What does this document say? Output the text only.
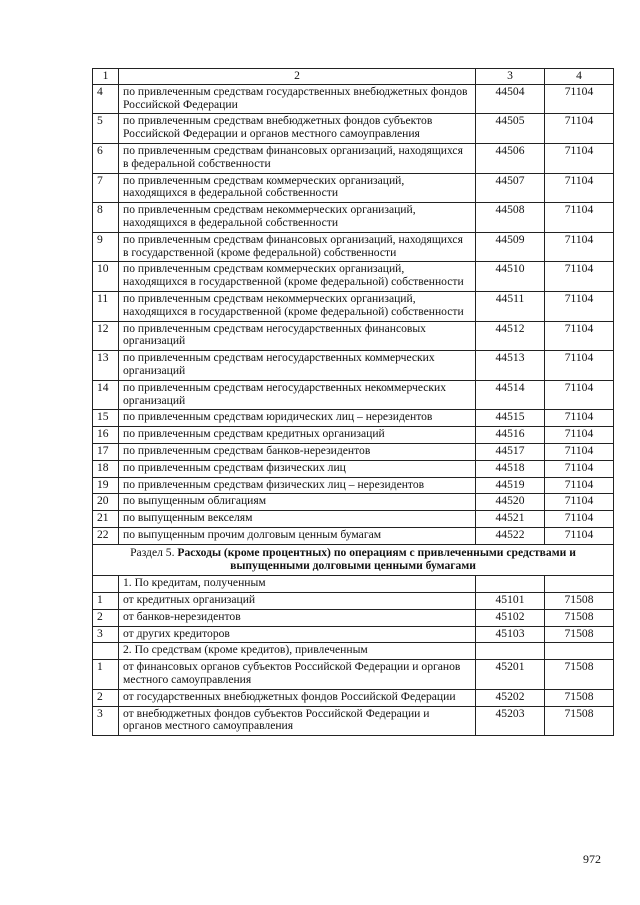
1	2	3	4
4	по привлеченным средствам государственных внебюджетных фондов Российской Федерации	44504	71104
5	по привлеченным средствам внебюджетных фондов субъектов Российской Федерации и органов местного самоуправления	44505	71104
6	по привлеченным средствам финансовых организаций, находящихся в федеральной собственности	44506	71104
7	по привлеченным средствам коммерческих организаций, находящихся в федеральной собственности	44507	71104
8	по привлеченным средствам некоммерческих организаций, находящихся в федеральной собственности	44508	71104
9	по привлеченным средствам финансовых организаций, находящихся в государственной (кроме федеральной) собственности	44509	71104
10	по привлеченным средствам коммерческих организаций, находящихся в государственной (кроме федеральной) собственности	44510	71104
11	по привлеченным средствам некоммерческих организаций, находящихся в государственной (кроме федеральной) собственности	44511	71104
12	по привлеченным средствам негосударственных финансовых организаций	44512	71104
13	по привлеченным средствам негосударственных коммерческих организаций	44513	71104
14	по привлеченным средствам негосударственных некоммерческих организаций	44514	71104
15	по привлеченным средствам юридических лиц – нерезидентов	44515	71104
16	по привлеченным средствам кредитных организаций	44516	71104
17	по привлеченным средствам банков-нерезидентов	44517	71104
18	по привлеченным средствам физических лиц	44518	71104
19	по привлеченным средствам физических лиц – нерезидентов	44519	71104
20	по выпущенным облигациям	44520	71104
21	по выпущенным векселям	44521	71104
22	по выпущенным прочим долговым ценным бумагам	44522	71104
Раздел 5. Расходы (кроме процентных) по операциям с привлеченными средствами и выпущенными долговыми ценными бумагами			
	1. По кредитам, полученным		
1	от кредитных организаций	45101	71508
2	от банков-нерезидентов	45102	71508
3	от других кредиторов	45103	71508
	2. По средствам (кроме кредитов), привлеченным		
1	от финансовых органов субъектов Российской Федерации и органов местного самоуправления	45201	71508
2	от государственных внебюджетных фондов Российской Федерации	45202	71508
3	от внебюджетных фондов субъектов Российской Федерации и органов местного самоуправления	45203	71508
972
